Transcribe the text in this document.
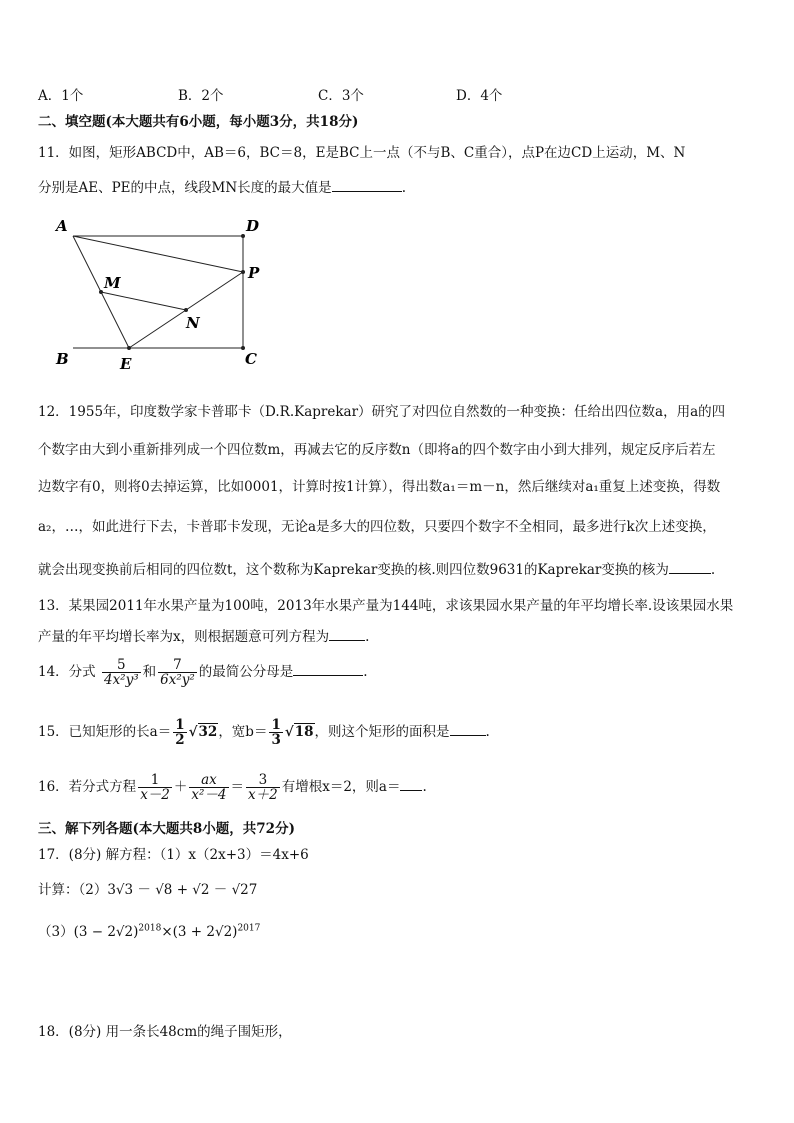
A．1个	B．2个	C．3个	D．4个
二、填空题(本大题共有6小题，每小题3分，共18分)
11．如图，矩形ABCD中，AB＝6，BC＝8，E是BC上一点（不与B、C重合），点P在边CD上运动，M、N
分别是AE、PE的中点，线段MN长度的最大值是	.
A	D
P
M
N
B	E	C
12．1955年，印度数学家卡普耶卡（D.R.Kaprekar）研究了对四位自然数的一种变换：任给出四位数a，用a的四
个数字由大到小重新排列成一个四位数m，再减去它的反序数n（即将a的四个数字由小到大排列，规定反序后若左
边数字有0，则将0去掉运算，比如0001，计算时按1计算），得出数a₁＝m－n，然后继续对a₁重复上述变换，得数
a₂，…，如此进行下去，卡普耶卡发现，无论a是多大的四位数，只要四个数字不全相同，最多进行k次上述变换，
就会出现变换前后相同的四位数t，这个数称为Kaprekar变换的核.则四位数9631的Kaprekar变换的核为	.
13．某果园2011年水果产量为100吨，2013年水果产量为144吨，求该果园水果产量的年平均增长率.设该果园水果
产量的年平均增长率为x，则根据题意可列方程为	.
14．分式 $\frac{5}{\text{4x²y³}}$ 和 $\frac{7}{\text{6x²y²}}$ 的最简公分母是	.
15．已知矩形的长$a= \frac{1}{2} √32$，宽$b= \frac{1}{3} √18$，则这个矩形的面积是	.
16．若分式方程 $\frac{1}{x-2} + \frac{ax}{\text{x²－4}} = \frac{3}{x+2}$ 有增根x＝2，则a＝ .
三、解下列各题(本大题共8小题，共72分)
17．(8分) 解方程：（1）x（2x+3）＝4x+6
计算：（2）3√3 － √8 + √2 － √27
$(3)(3 - 2√2)^{2018}\times(3 + 2√2)^{2017}$
18．(8分) 用一条长48cm的绳子围矩形，
